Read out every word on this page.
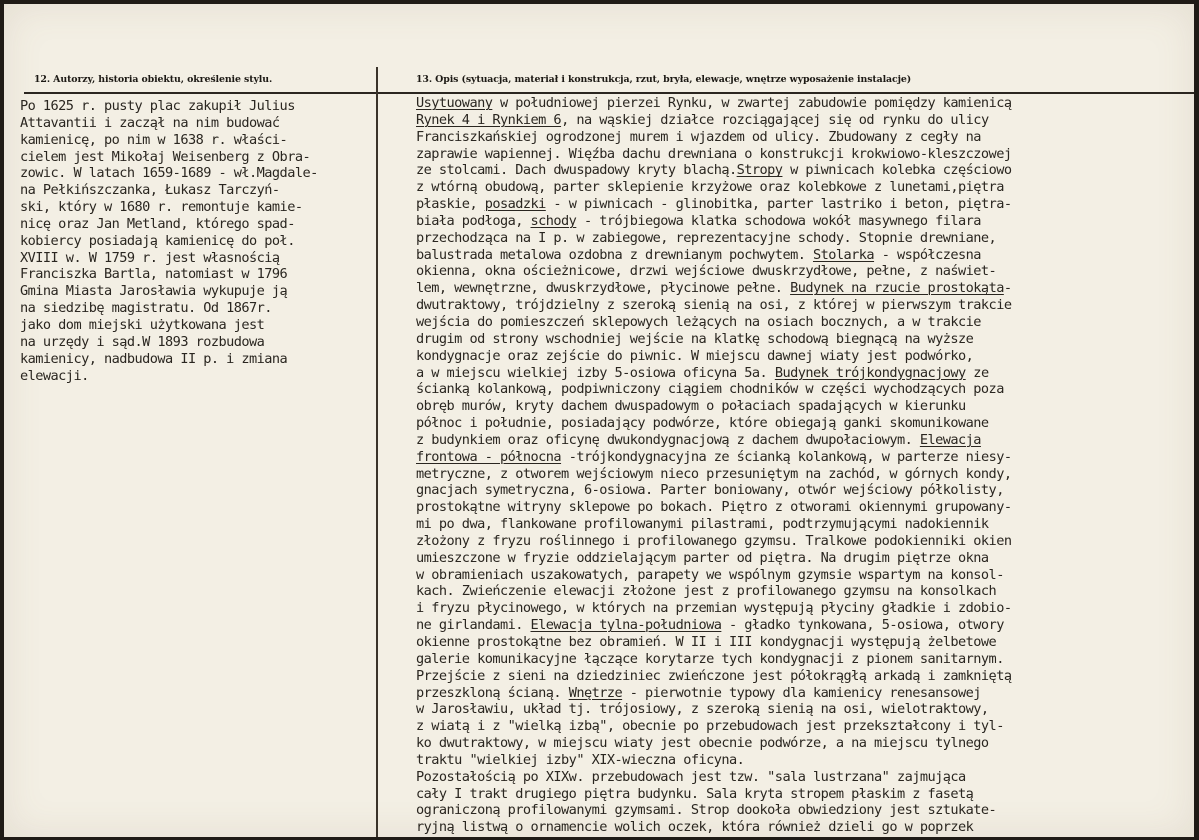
12. Autorzy, historia obiektu, określenie stylu.	13. Opis (sytuacja, materiał i konstrukcja, rzut, bryła, elewacje, wnętrze wyposażenie instalacje)
Po 1625 r. pusty plac zakupił Julius
Attavantii i zaczął na nim budować
kamienicę, po nim w 1638 r. właści-
cielem jest Mikołaj Weisenberg z Obra-
zowic. W latach 1659-1689 - wł.Magdale-
na Pełkińszczanka, Łukasz Tarczyń-
ski, który w 1680 r. remontuje kamie-
nicę oraz Jan Metland, którego spad-
kobiercy posiadają kamienicę do poł.
XVIII w. W 1759 r. jest własnością
Franciszka Bartla, natomiast w 1796
Gmina Miasta Jarosławia wykupuje ją
na siedzibę magistratu. Od 1867r.
jako dom miejski użytkowana jest
na urzędy i sąd.W 1893 rozbudowa
kamienicy, nadbudowa II p. i zmiana
elewacji.
Usytuowany w południowej pierzei Rynku, w zwartej zabudowie pomiędzy kamienicą
Rynek 4 i Rynkiem 6, na wąskiej działce rozciągającej się od rynku do ulicy
Franciszkańskiej ogrodzonej murem i wjazdem od ulicy. Zbudowany z cegły na
zaprawie wapiennej. Więźba dachu drewniana o konstrukcji krokwiowo-kleszczowej
ze stolcami. Dach dwuspadowy kryty blachą.Stropy w piwnicach kolebka częściowo
z wtórną obudową, parter sklepienie krzyżowe oraz kolebkowe z lunetami,piętra
płaskie, posadzki - w piwnicach - glinobitka, parter lastriko i beton, piętra-
biała podłoga, schody - trójbiegowa klatka schodowa wokół masywnego filara
przechodząca na I p. w zabiegowe, reprezentacyjne schody. Stopnie drewniane,
balustrada metalowa ozdobna z drewnianym pochwytem. Stolarka - współczesna
okienna, okna ościeżnicowe, drzwi wejściowe dwuskrzydłowe, pełne, z naświet-
lem, wewnętrzne, dwuskrzydłowe, płycinowe pełne. Budynek na rzucie prostokąta-
dwutraktowy, trójdzielny z szeroką sienią na osi, z której w pierwszym trakcie
wejścia do pomieszczeń sklepowych leżących na osiach bocznych, a w trakcie
drugim od strony wschodniej wejście na klatkę schodową biegnącą na wyższe
kondygnacje oraz zejście do piwnic. W miejscu dawnej wiaty jest podwórko,
a w miejscu wielkiej izby 5-osiowa oficyna 5a. Budynek trójkondygnacjowy ze
ścianką kolankową, podpiwniczony ciągiem chodników w części wychodzących poza
obręb murów, kryty dachem dwuspadowym o połaciach spadających w kierunku
północ i południe, posiadający podwórze, które obiegają ganki skomunikowane
z budynkiem oraz oficynę dwukondygnacjową z dachem dwupołaciowym. Elewacja
frontowa - północna -trójkondygnacyjna ze ścianką kolankową, w parterze niesy-
metryczne, z otworem wejściowym nieco przesuniętym na zachód, w górnych kondy,
gnacjach symetryczna, 6-osiowa. Parter boniowany, otwór wejściowy półkolisty,
prostokątne witryny sklepowe po bokach. Piętro z otworami okiennymi grupowany-
mi po dwa, flankowane profilowanymi pilastrami, podtrzymującymi nadokiennik
złożony z fryzu roślinnego i profilowanego gzymsu. Tralkowe podokienniki okien
umieszczone w fryzie oddzielającym parter od piętra. Na drugim piętrze okna
w obramieniach uszakowatych, parapety we wspólnym gzymsie wspartym na konsol-
kach. Zwieńczenie elewacji złożone jest z profilowanego gzymsu na konsolkach
i fryzu płycinowego, w których na przemian występują płyciny gładkie i zdobio-
ne girlandami. Elewacja tylna-południowa - gładko tynkowana, 5-osiowa, otwory
okienne prostokątne bez obramień. W II i III kondygnacji występują żelbetowe
galerie komunikacyjne łączące korytarze tych kondygnacji z pionem sanitarnym.
Przejście z sieni na dziedziniec zwieńczone jest półokrągłą arkadą i zamkniętą
przeszkloną ścianą. Wnętrze - pierwotnie typowy dla kamienicy renesansowej
w Jarosławiu, układ tj. trójosiowy, z szeroką sienią na osi, wielotraktowy,
z wiatą i z "wielką izbą", obecnie po przebudowach jest przekształcony i tyl-
ko dwutraktowy, w miejscu wiaty jest obecnie podwórze, a na miejscu tylnego
traktu "wielkiej izby" XIX-wieczna oficyna.
Pozostałością po XIXw. przebudowach jest tzw. "sala lustrzana" zajmująca
cały I trakt drugiego piętra budynku. Sala kryta stropem płaskim z fasetą
ograniczoną profilowanymi gzymsami. Strop dookoła obwiedziony jest sztukate-
ryjną listwą o ornamencie wolich oczek, która również dzieli go w poprzek
